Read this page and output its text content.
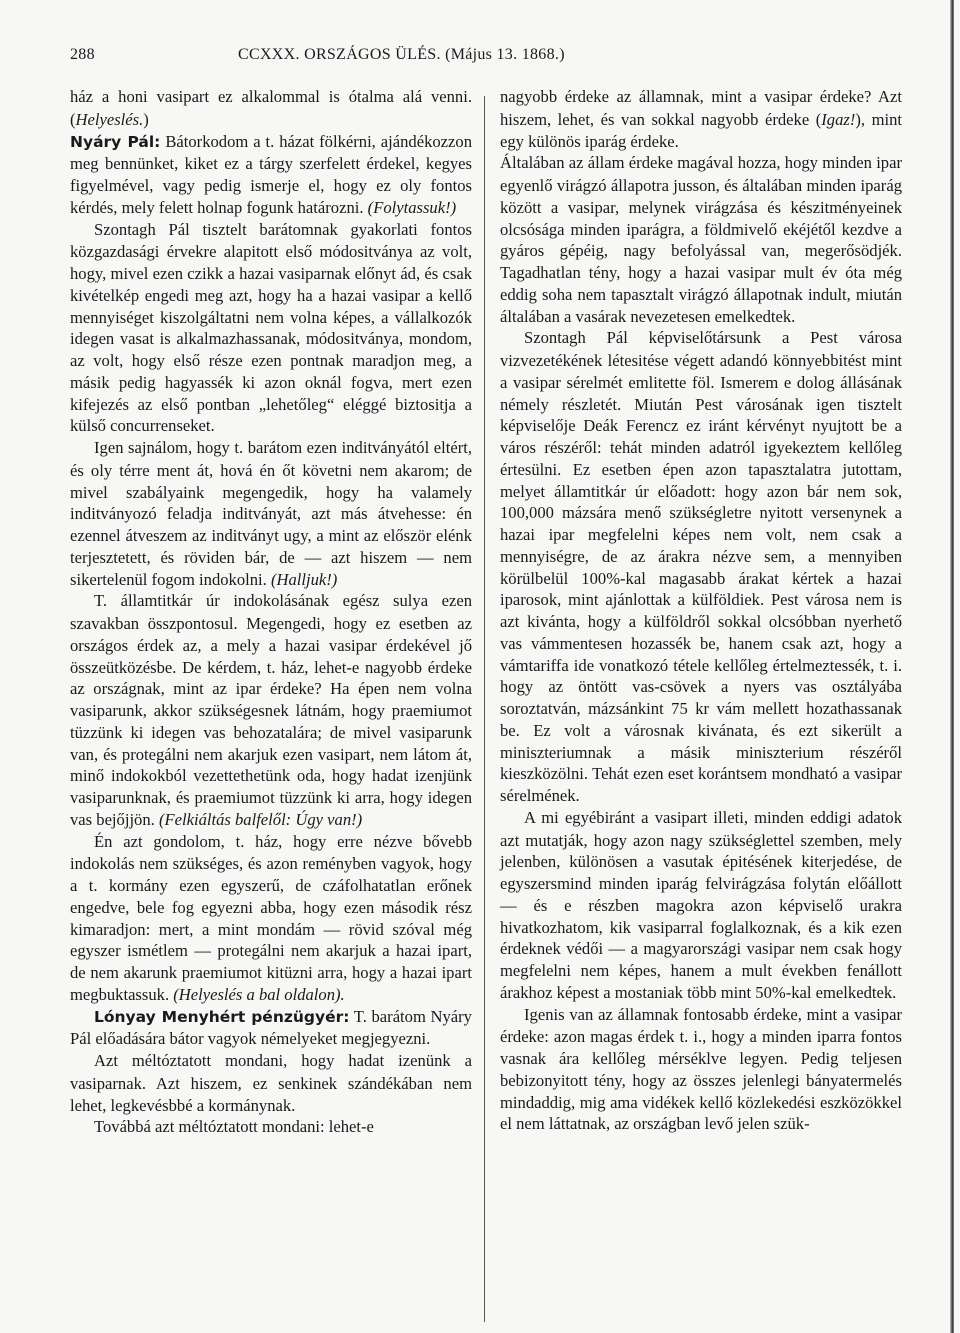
288	CCXXX. ORSZÁGOS ÜLÉS. (Május 13. 1868.)

ház a honi vasipart ez alkalommal is ótalma alá venni. (Helyeslés.)

Nyáry Pál: Bátorkodom a t. házat fölkérni, ajándékozzon meg bennünket, kiket ez a tárgy szerfelett érdekel, kegyes figyelmével, vagy pedig ismerje el, hogy ez oly fontos kérdés, mely felett holnap fogunk határozni. (Folytassuk!)

Szontagh Pál tisztelt barátomnak gyakorlati fontos közgazdasági érvekre alapitott első módositványa az volt, hogy, mivel ezen czikk a hazai vasiparnak előnyt ád, és csak kivételkép engedi meg azt, hogy ha a hazai vasipar a kellő mennyiséget kiszolgáltatni nem volna képes, a vállalkozók idegen vasat is alkalmazhassanak, módositványa, mondom, az volt, hogy első része ezen pontnak maradjon meg, a másik pedig hagyassék ki azon oknál fogva, mert ezen kifejezés az első pontban „lehetőleg“ eléggé biztositja a külső concurrenseket.

Igen sajnálom, hogy t. barátom ezen inditványától eltért, és oly térre ment át, hová én őt követni nem akarom; de mivel szabályaink megengedik, hogy ha valamely inditványozó feladja inditványát, azt más átvehesse: én ezennel átveszem az inditványt ugy, a mint az először elénk terjesztetett, és röviden bár, de — azt hiszem — nem sikertelenül fogom indokolni. (Halljuk!)

T. államtitkár úr indokolásának egész sulya ezen szavakban összpontosul. Megengedi, hogy ez esetben az országos érdek az, a mely a hazai vasipar érdekével jő összeütközésbe. De kérdem, t. ház, lehet-e nagyobb érdeke az országnak, mint az ipar érdeke? Ha épen nem volna vasiparunk, akkor szükségesnek látnám, hogy praemiumot tüzzünk ki idegen vas behozatalára; de mivel vasiparunk van, és protegálni nem akarjuk ezen vasipart, nem látom át, minő indokokból vezettethetünk oda, hogy hadat izenjünk vasiparunknak, és praemiumot tüzzünk ki arra, hogy idegen vas bejőjjön. (Felkiáltás balfelől: Úgy van!)

Én azt gondolom, t. ház, hogy erre nézve bővebb indokolás nem szükséges, és azon reményben vagyok, hogy a t. kormány ezen egyszerű, de czáfolhatatlan erőnek engedve, bele fog egyezni abba, hogy ezen második rész kimaradjon: mert, a mint mondám — rövid szóval még egyszer ismétlem — protegálni nem akarjuk a hazai ipart, de nem akarunk praemiumot kitüzni arra, hogy a hazai ipart megbuktassuk. (Helyeslés a bal oldalon).

Lónyay Menyhért pénzügyér: T. barátom Nyáry Pál előadására bátor vagyok némelyeket megjegyezni.

Azt méltóztatott mondani, hogy hadat izenünk a vasiparnak. Azt hiszem, ez senkinek szándékában nem lehet, legkevésbbé a kormánynak.

Továbbá azt méltóztatott mondani: lehet-e

nagyobb érdeke az államnak, mint a vasipar érdeke? Azt hiszem, lehet, és van sokkal nagyobb érdeke (Igaz!), mint egy különös iparág érdeke.

Általában az állam érdeke magával hozza, hogy minden ipar egyenlő virágzó állapotra jusson, és általában minden iparág között a vasipar, melynek virágzása és készitményeinek olcsósága minden iparágra, a földmivelő ekéjétől kezdve a gyáros gépéig, nagy befolyással van, megerősödjék. Tagadhatlan tény, hogy a hazai vasipar mult év óta még eddig soha nem tapasztalt virágzó állapotnak indult, miután általában a vasárak nevezetesen emelkedtek.

Szontagh Pál képviselőtársunk a Pest városa vizvezetékének létesitése végett adandó könnyebbitést mint a vasipar sérelmét emlitette föl. Ismerem e dolog állásának némely részletét. Miután Pest városának igen tisztelt képviselője Deák Ferencz ez iránt kérvényt nyujtott be a város részéről: tehát minden adatról igyekeztem kellőleg értesülni. Ez esetben épen azon tapasztalatra jutottam, melyet államtitkár úr előadott: hogy azon bár nem sok, 100,000 mázsára menő szükségletre nyitott versenynek a hazai ipar megfelelni képes nem volt, nem csak a mennyiségre, de az árakra nézve sem, a mennyiben körülbelül 100%-kal magasabb árakat kértek a hazai iparosok, mint ajánlottak a külföldiek. Pest városa nem is azt kivánta, hogy a külföldről sokkal olcsóbban nyerhető vas vámmentesen hozassék be, hanem csak azt, hogy a vámtariffa ide vonatkozó tétele kellőleg értelmeztessék, t. i. hogy az öntött vas-csövek a nyers vas osztályába soroztatván, mázsánkint 75 kr vám mellett hozathassanak be. Ez volt a városnak kivánata, és ezt sikerült a miniszteriumnak a másik miniszterium részéről kieszközölni. Tehát ezen eset korántsem mondható a vasipar sérelmének.

A mi egyébiránt a vasipart illeti, minden eddigi adatok azt mutatják, hogy azon nagy szükséglettel szemben, mely jelenben, különösen a vasutak épitésének kiterjedése, de egyszersmind minden iparág felvirágzása folytán előállott — és e részben magokra azon képviselő urakra hivatkozhatom, kik vasiparral foglalkoznak, és a kik ezen érdeknek védői — a magyarországi vasipar nem csak hogy megfelelni nem képes, hanem a mult években fenállott árakhoz képest a mostaniak több mint 50%-kal emelkedtek.

Igenis van az államnak fontosabb érdeke, mint a vasipar érdeke: azon magas érdek t. i., hogy a minden iparra fontos vasnak ára kellőleg mérséklve legyen. Pedig teljesen bebizonyitott tény, hogy az összes jelenlegi bányatermelés mindaddig, mig ama vidékek kellő közlekedési eszközökkel el nem láttatnak, az országban levő jelen szük-
